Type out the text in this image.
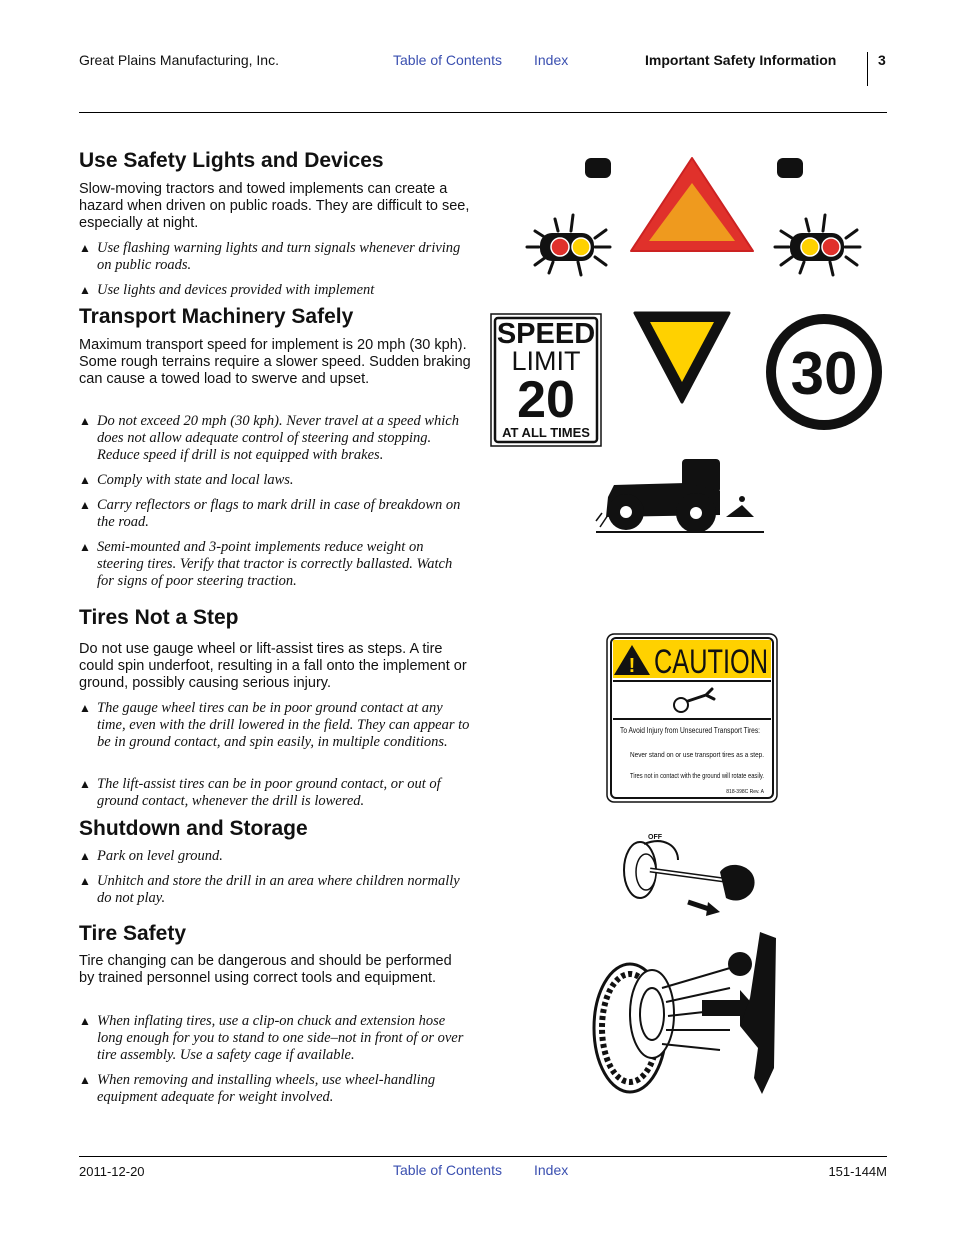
Great Plains Manufacturing, Inc.	Table of Contents Index	Important Safety Information	3
Use Safety Lights and Devices

Slow-moving tractors and towed implements can create a hazard when driven on public roads. They are difficult to see, especially at night.

▲ Use flashing warning lights and turn signals whenever driving on public roads.
▲ Use lights and devices provided with implement
Transport Machinery Safely

Maximum transport speed for implement is 20 mph (30 kph). Some rough terrains require a slower speed. Sudden braking can cause a towed load to swerve and upset.

▲ Do not exceed 20 mph (30 kph). Never travel at a speed which does not allow adequate control of steering and stopping. Reduce speed if drill is not equipped with brakes.
▲ Comply with state and local laws.
▲ Carry reflectors or flags to mark drill in case of breakdown on the road.
▲ Semi-mounted and 3-point implements reduce weight on steering tires. Verify that tractor is correctly ballasted. Watch for signs of poor steering traction.
Tires Not a Step

Do not use gauge wheel or lift-assist tires as steps. A tire could spin underfoot, resulting in a fall onto the implement or ground, possibly causing serious injury.

▲ The gauge wheel tires can be in poor ground contact at any time, even with the drill lowered in the field. They can appear to be in ground contact, and spin easily, in multiple conditions.
▲ The lift-assist tires can be in poor ground contact, or out of ground contact, whenever the drill is lowered.
Shutdown and Storage
▲ Park on level ground.
▲ Unhitch and store the drill in an area where children normally do not play.
Tire Safety

Tire changing can be dangerous and should be performed by trained personnel using correct tools and equipment.

▲ When inflating tires, use a clip-on chuck and extension hose long enough for you to stand to one side–not in front of or over tire assembly. Use a safety cage if available.
▲ When removing and installing wheels, use wheel-handling equipment adequate for weight involved.
SPEED
LIMIT
20
AT ALL TIMES
30
! CAUTION
To Avoid Injury from Unsecured Transport Tires:
Never stand on or use transport tires as a step.
Tires not in contact with the ground will rotate easily.
818-398C Rev. A
OFF
2011-12-20	Table of Contents Index	151-144M
